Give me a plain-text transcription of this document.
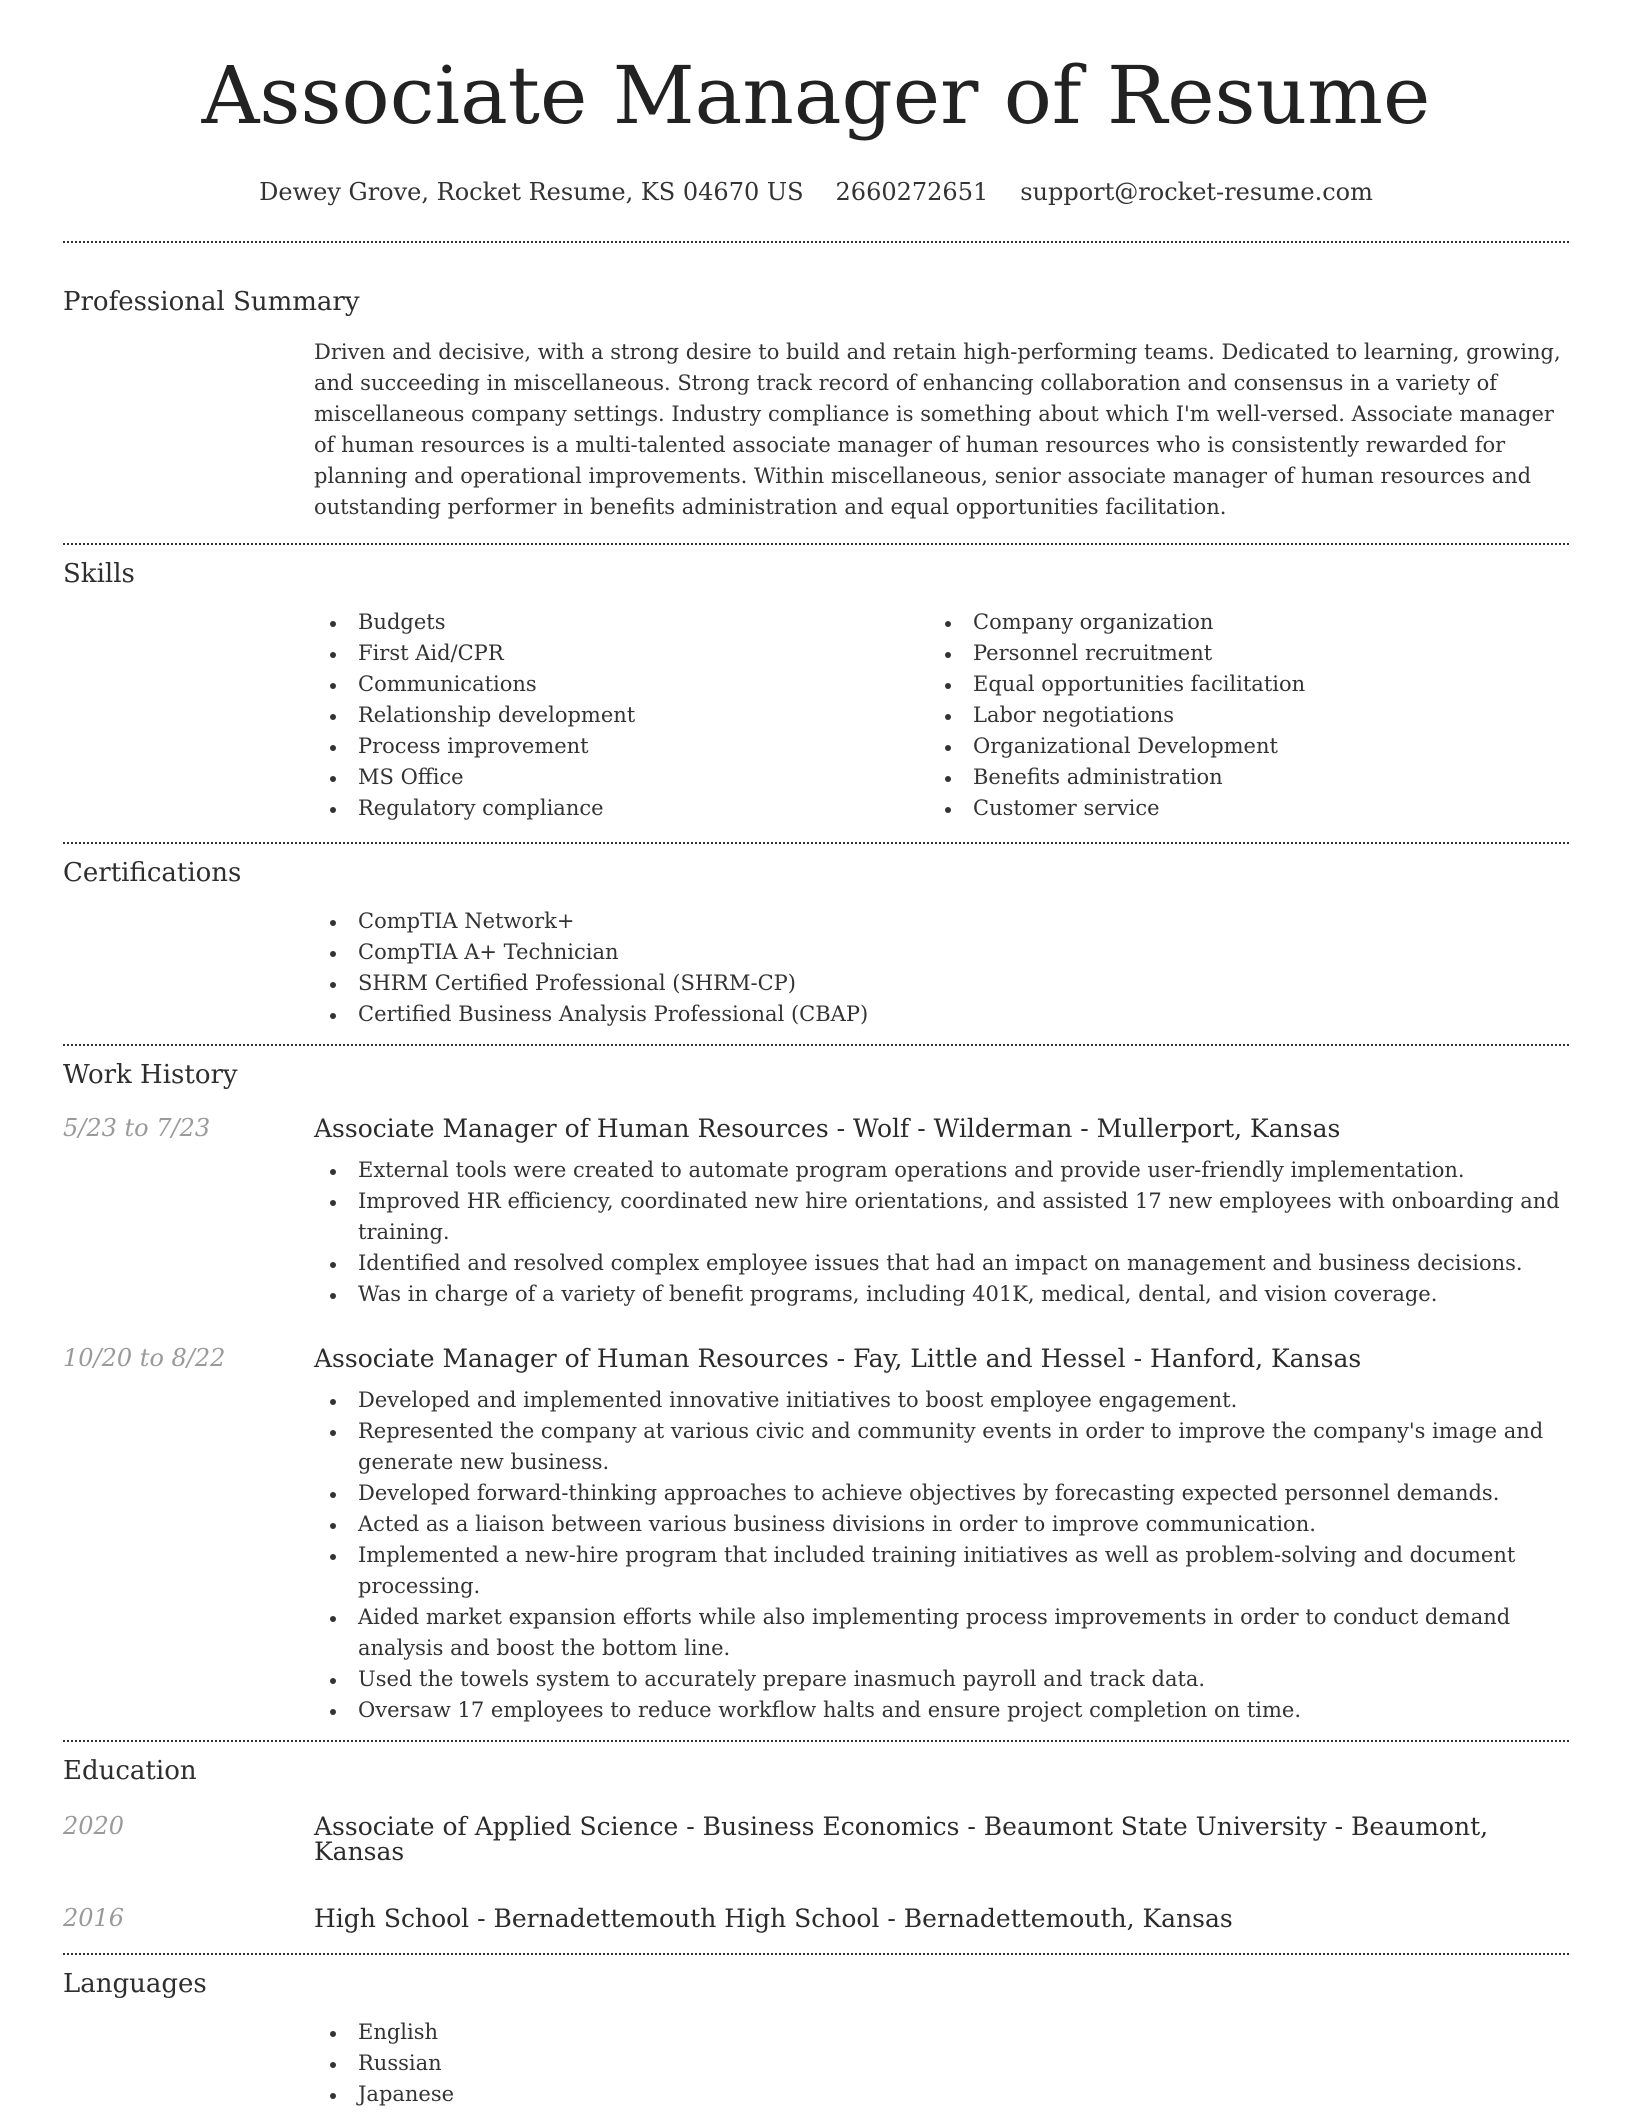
Associate Manager of Resume
Dewey Grove, Rocket Resume, KS 04670 US 2660272651 support@rocket-resume.com
Professional Summary
Driven and decisive, with a strong desire to build and retain high-performing teams. Dedicated to learning, growing, and succeeding in miscellaneous. Strong track record of enhancing collaboration and consensus in a variety of miscellaneous company settings. Industry compliance is something about which I'm well-versed. Associate manager of human resources is a multi-talented associate manager of human resources who is consistently rewarded for planning and operational improvements. Within miscellaneous, senior associate manager of human resources and outstanding performer in benefits administration and equal opportunities facilitation.
Skills
Budgets
First Aid/CPR
Communications
Relationship development
Process improvement
MS Office
Regulatory compliance
Company organization
Personnel recruitment
Equal opportunities facilitation
Labor negotiations
Organizational Development
Benefits administration
Customer service
Certifications
CompTIA Network+
CompTIA A+ Technician
SHRM Certified Professional (SHRM-CP)
Certified Business Analysis Professional (CBAP)
Work History
5/23 to 7/23	Associate Manager of Human Resources - Wolf - Wilderman - Mullerport, Kansas
External tools were created to automate program operations and provide user-friendly implementation.
Improved HR efficiency, coordinated new hire orientations, and assisted 17 new employees with onboarding and training.
Identified and resolved complex employee issues that had an impact on management and business decisions.
Was in charge of a variety of benefit programs, including 401K, medical, dental, and vision coverage.
10/20 to 8/22	Associate Manager of Human Resources - Fay, Little and Hessel - Hanford, Kansas
Developed and implemented innovative initiatives to boost employee engagement.
Represented the company at various civic and community events in order to improve the company's image and generate new business.
Developed forward-thinking approaches to achieve objectives by forecasting expected personnel demands.
Acted as a liaison between various business divisions in order to improve communication.
Implemented a new-hire program that included training initiatives as well as problem-solving and document processing.
Aided market expansion efforts while also implementing process improvements in order to conduct demand analysis and boost the bottom line.
Used the towels system to accurately prepare inasmuch payroll and track data.
Oversaw 17 employees to reduce workflow halts and ensure project completion on time.
Education
2020	Associate of Applied Science - Business Economics - Beaumont State University - Beaumont, Kansas
2016	High School - Bernadettemouth High School - Bernadettemouth, Kansas
Languages
English
Russian
Japanese
